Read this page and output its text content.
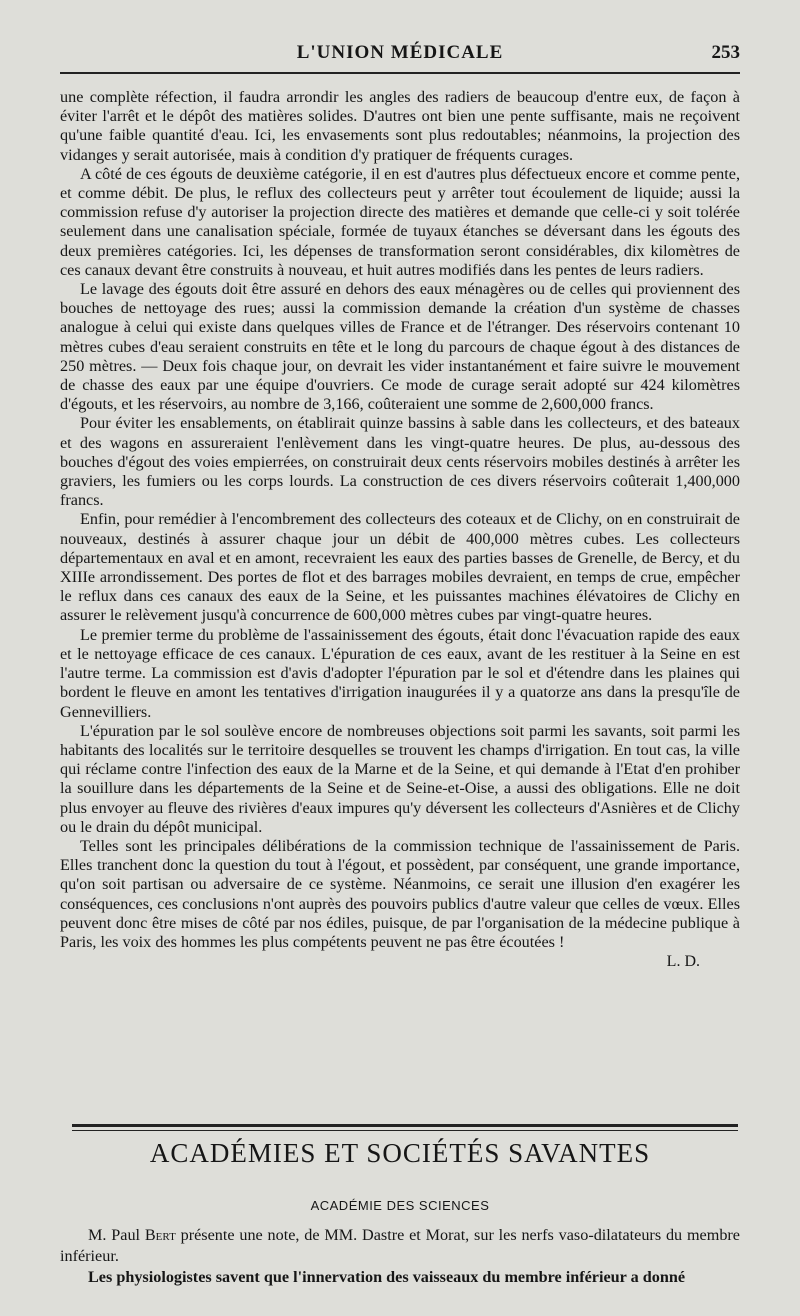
L'UNION MÉDICALE	253

une complète réfection, il faudra arrondir les angles des radiers de beaucoup d'entre eux, de façon à éviter l'arrêt et le dépôt des matières solides. D'autres ont bien une pente suffisante, mais ne reçoivent qu'une faible quantité d'eau. Ici, les envasements sont plus redoutables; néanmoins, la projection des vidanges y serait autorisée, mais à condition d'y pratiquer de fréquents curages.

A côté de ces égouts de deuxième catégorie, il en est d'autres plus défectueux encore et comme pente, et comme débit. De plus, le reflux des collecteurs peut y arrêter tout écoulement de liquide; aussi la commission refuse d'y autoriser la projection directe des matières et demande que celle-ci y soit tolérée seulement dans une canalisation spéciale, formée de tuyaux étanches se déversant dans les égouts des deux premières catégories. Ici, les dépenses de transformation seront considérables, dix kilomètres de ces canaux devant être construits à nouveau, et huit autres modifiés dans les pentes de leurs radiers.

Le lavage des égouts doit être assuré en dehors des eaux ménagères ou de celles qui proviennent des bouches de nettoyage des rues; aussi la commission demande la création d'un système de chasses analogue à celui qui existe dans quelques villes de France et de l'étranger. Des réservoirs contenant 10 mètres cubes d'eau seraient construits en tête et le long du parcours de chaque égout à des distances de 250 mètres. — Deux fois chaque jour, on devrait les vider instantanément et faire suivre le mouvement de chasse des eaux par une équipe d'ouvriers. Ce mode de curage serait adopté sur 424 kilomètres d'égouts, et les réservoirs, au nombre de 3,166, coûteraient une somme de 2,600,000 francs.

Pour éviter les ensablements, on établirait quinze bassins à sable dans les collecteurs, et des bateaux et des wagons en assureraient l'enlèvement dans les vingt-quatre heures. De plus, au-dessous des bouches d'égout des voies empierrées, on construirait deux cents réservoirs mobiles destinés à arrêter les graviers, les fumiers ou les corps lourds. La construction de ces divers réservoirs coûterait 1,400,000 francs.

Enfin, pour remédier à l'encombrement des collecteurs des coteaux et de Clichy, on en construirait de nouveaux, destinés à assurer chaque jour un débit de 400,000 mètres cubes. Les collecteurs départementaux en aval et en amont, recevraient les eaux des parties basses de Grenelle, de Bercy, et du XIIIe arrondissement. Des portes de flot et des barrages mobiles devraient, en temps de crue, empêcher le reflux dans ces canaux des eaux de la Seine, et les puissantes machines élévatoires de Clichy en assurer le relèvement jusqu'à concurrence de 600,000 mètres cubes par vingt-quatre heures.

Le premier terme du problème de l'assainissement des égouts, était donc l'évacuation rapide des eaux et le nettoyage efficace de ces canaux. L'épuration de ces eaux, avant de les restituer à la Seine en est l'autre terme. La commission est d'avis d'adopter l'épuration par le sol et d'étendre dans les plaines qui bordent le fleuve en amont les tentatives d'irrigation inaugurées il y a quatorze ans dans la presqu'île de Gennevilliers.

L'épuration par le sol soulève encore de nombreuses objections soit parmi les savants, soit parmi les habitants des localités sur le territoire desquelles se trouvent les champs d'irrigation. En tout cas, la ville qui réclame contre l'infection des eaux de la Marne et de la Seine, et qui demande à l'Etat d'en prohiber la souillure dans les départements de la Seine et de Seine-et-Oise, a aussi des obligations. Elle ne doit plus envoyer au fleuve des rivières d'eaux impures qu'y déversent les collecteurs d'Asnières et de Clichy ou le drain du dépôt municipal.

Telles sont les principales délibérations de la commission technique de l'assainissement de Paris. Elles tranchent donc la question du tout à l'égout, et possèdent, par conséquent, une grande importance, qu'on soit partisan ou adversaire de ce système. Néanmoins, ce serait une illusion d'en exagérer les conséquences, ces conclusions n'ont auprès des pouvoirs publics d'autre valeur que celles de vœux. Elles peuvent donc être mises de côté par nos édiles, puisque, de par l'organisation de la médecine publique à Paris, les voix des hommes les plus compétents peuvent ne pas être écoutées !

L. D.
ACADÉMIES ET SOCIÉTÉS SAVANTES
ACADÉMIE DES SCIENCES

M. Paul Bert présente une note, de MM. Dastre et Morat, sur les nerfs vaso-dilatateurs du membre inférieur.

Les physiologistes savent que l'innervation des vaisseaux du membre inférieur a donné
